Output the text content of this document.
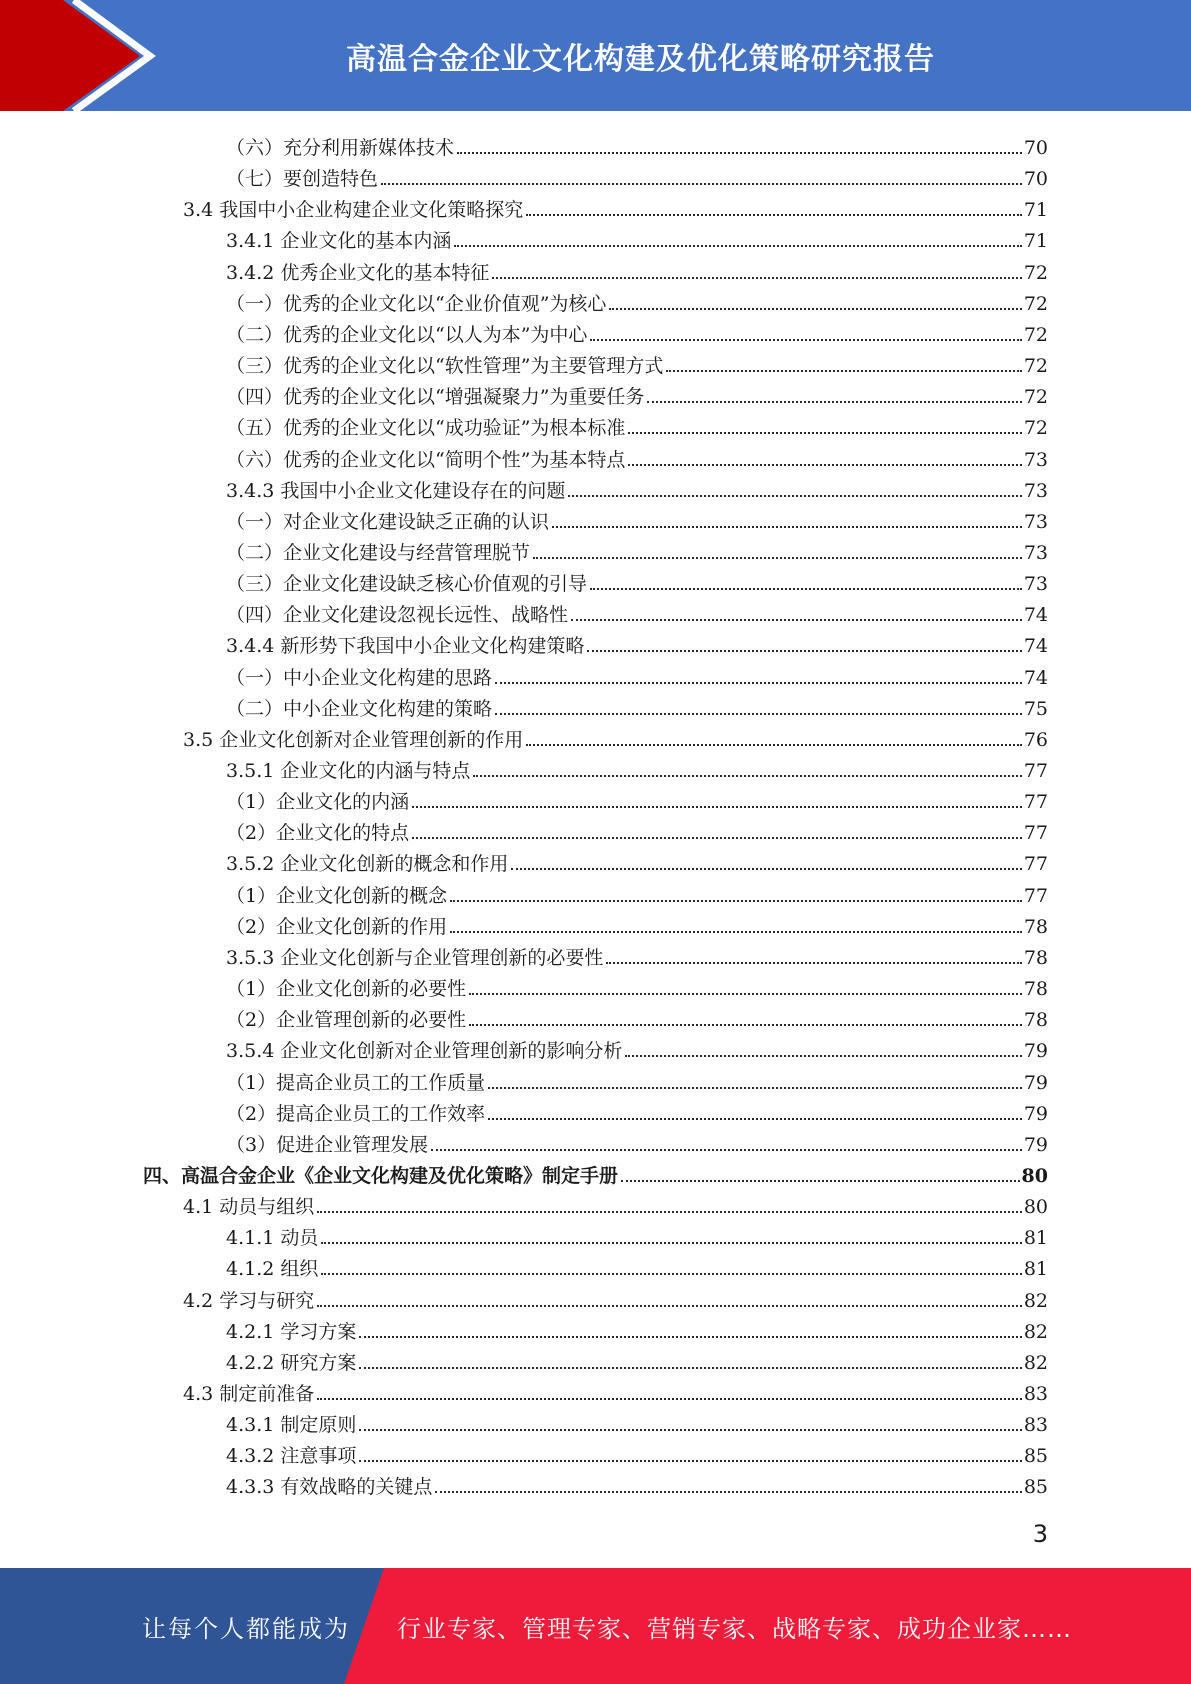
高温合金企业文化构建及优化策略研究报告
（六）充分利用新媒体技术	70
（七）要创造特色	70
3.4 我国中小企业构建企业文化策略探究	71
3.4.1 企业文化的基本内涵	71
3.4.2 优秀企业文化的基本特征	72
（一）优秀的企业文化以“企业价值观”为核心	72
（二）优秀的企业文化以“以人为本”为中心	72
（三）优秀的企业文化以“软性管理”为主要管理方式	72
（四）优秀的企业文化以“增强凝聚力”为重要任务	72
（五）优秀的企业文化以“成功验证”为根本标准	72
（六）优秀的企业文化以“简明个性”为基本特点	73
3.4.3 我国中小企业文化建设存在的问题	73
（一）对企业文化建设缺乏正确的认识	73
（二）企业文化建设与经营管理脱节	73
（三）企业文化建设缺乏核心价值观的引导	73
（四）企业文化建设忽视长远性、战略性	74
3.4.4 新形势下我国中小企业文化构建策略	74
（一）中小企业文化构建的思路	74
（二）中小企业文化构建的策略	75
3.5 企业文化创新对企业管理创新的作用	76
3.5.1 企业文化的内涵与特点	77
（1）企业文化的内涵	77
（2）企业文化的特点	77
3.5.2 企业文化创新的概念和作用	77
（1）企业文化创新的概念	77
（2）企业文化创新的作用	78
3.5.3 企业文化创新与企业管理创新的必要性	78
（1）企业文化创新的必要性	78
（2）企业管理创新的必要性	78
3.5.4 企业文化创新对企业管理创新的影响分析	79
（1）提高企业员工的工作质量	79
（2）提高企业员工的工作效率	79
（3）促进企业管理发展	79
四、高温合金企业《企业文化构建及优化策略》制定手册	80
4.1 动员与组织	80
4.1.1 动员	81
4.1.2 组织	81
4.2 学习与研究	82
4.2.1 学习方案	82
4.2.2 研究方案	82
4.3 制定前准备	83
4.3.1 制定原则	83
4.3.2 注意事项	85
4.3.3 有效战略的关键点	85
3
让每个人都能成为 行业专家、管理专家、营销专家、战略专家、成功企业家……
